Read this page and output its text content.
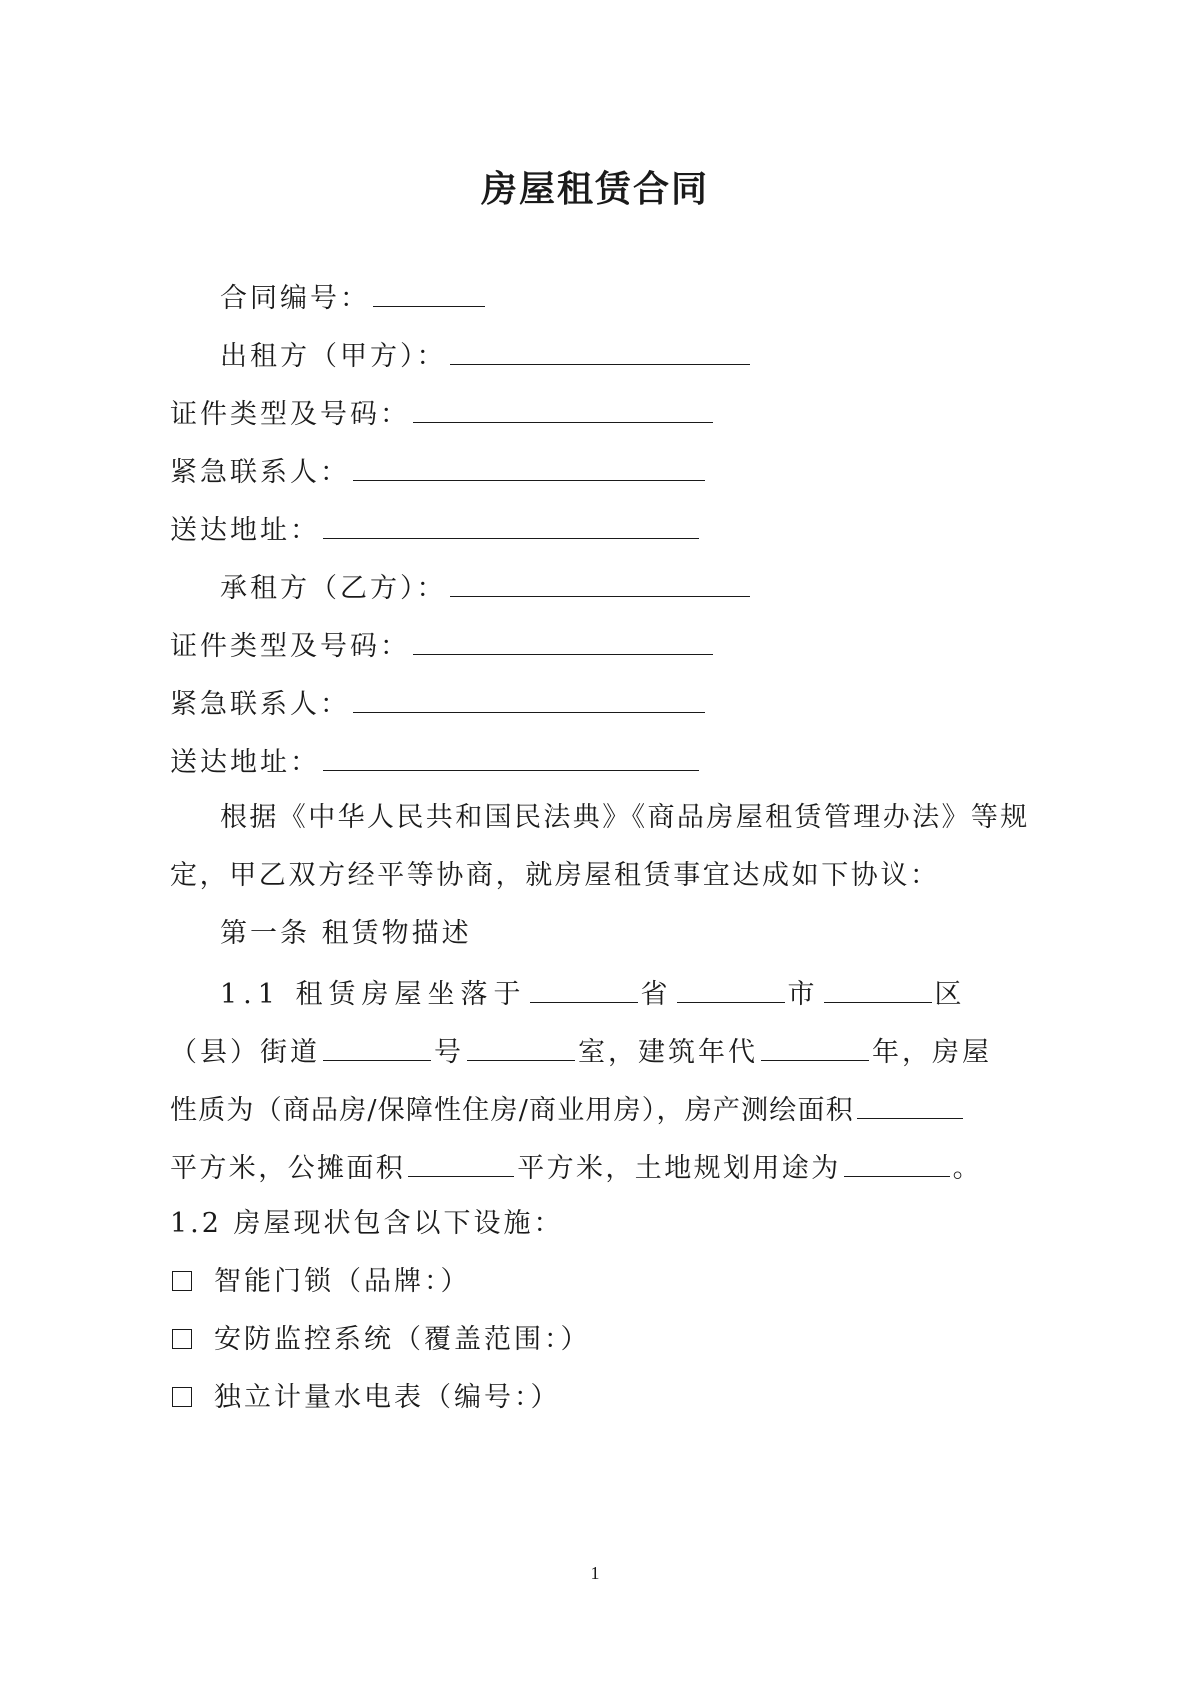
房屋租赁合同
合同编号：
出租方（甲方）：
证件类型及号码：
紧急联系人：
送达地址：
承租方（乙方）：
证件类型及号码：
紧急联系人：
送达地址：
根据《中华人民共和国民法典》《商品房屋租赁管理办法》等规
定，甲乙双方经平等协商，就房屋租赁事宜达成如下协议：
第一条 租赁物描述
1.1 租赁房屋坐落于	省	市	区
（县）街道	号	室，建筑年代	年，房屋
性质为（商品房/保障性住房/商业用房），房产测绘面积
平方米，公摊面积	平方米，土地规划用途为	。
1.2 房屋现状包含以下设施：
智能门锁（品牌：）
安防监控系统（覆盖范围：）
独立计量水电表（编号：）
1
